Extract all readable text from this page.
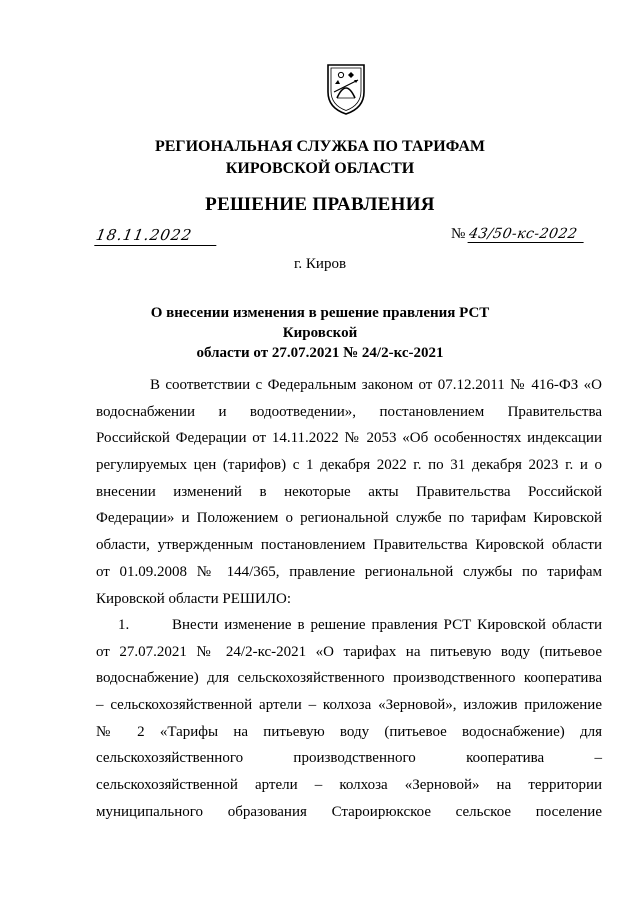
РЕГИОНАЛЬНАЯ СЛУЖБА ПО ТАРИФАМ
КИРОВСКОЙ ОБЛАСТИ
РЕШЕНИЕ ПРАВЛЕНИЯ
18.11.2022	№ 43/50-кс-2022
г. Киров
О внесении изменения в решение правления РСТ Кировской
области от 27.07.2021 № 24/2-кс-2021
В соответствии с Федеральным законом от 07.12.2011 № 416-ФЗ «О
водоснабжении и водоотведении», постановлением Правительства
Российской Федерации от 14.11.2022 № 2053 «Об особенностях индексации
регулируемых цен (тарифов) с 1 декабря 2022 г. по 31 декабря 2023 г. и о
внесении изменений в некоторые акты Правительства Российской
Федерации» и Положением о региональной службе по тарифам Кировской
области, утвержденным постановлением Правительства Кировской области
от 01.09.2008 № 144/365, правление региональной службы по тарифам
Кировской области РЕШИЛО:
1.	Внести изменение в решение правления РСТ Кировской области
от 27.07.2021 № 24/2-кс-2021 «О тарифах на питьевую воду (питьевое
водоснабжение) для сельскохозяйственного производственного кооператива
– сельскохозяйственной артели – колхоза «Зерновой», изложив приложение
№ 2 «Тарифы на питьевую воду (питьевое водоснабжение) для
сельскохозяйственного производственного кооператива –
сельскохозяйственной артели – колхоза «Зерновой» на территории
муниципального образования Староирюкское сельское поселение
